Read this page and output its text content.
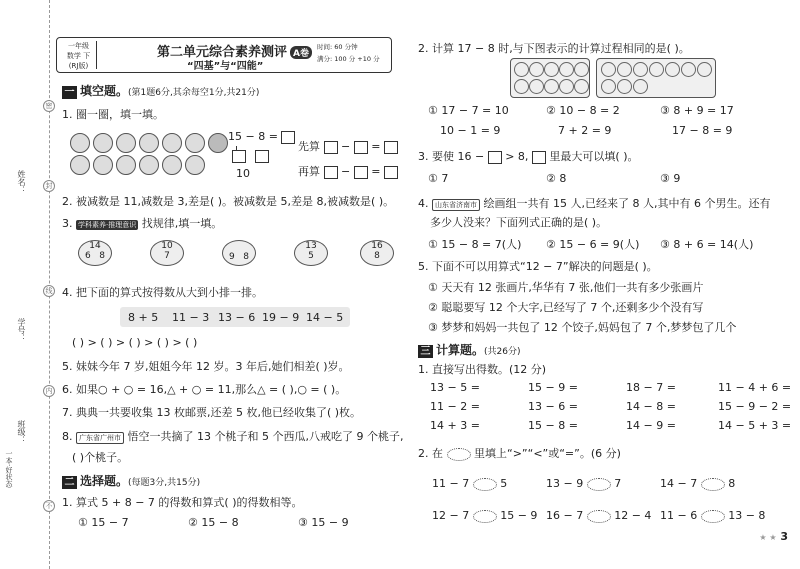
姓名：
学号：
班级：
一本·好状态
密
封
线
内
不
一年级
数学 下
(RJ版)
第二单元综合素养测评 A卷
“四基”与“四能”
时间: 60 分钟
满分: 100 分 +10 分
一 填空题。(第1题6分,其余每空1分,共21分)
1. 圈一圈，填一填。
15 − 8 =
10
先算 − =
再算 − =
2. 被减数是 11,减数是 3,差是( )。被减数是 5,差是 8,被减数是( )。
3. 学科素养·推理意识 找规律,填一填。
14
6 8
10
7	9 8
13
5
16
8
4. 把下面的算式按得数从大到小排一排。
8 + 5 11 − 3 13 − 6 19 − 9 14 − 5
( ) > ( ) > ( ) > ( ) > ( )
5. 妹妹今年 7 岁,姐姐今年 12 岁。3 年后,她们相差( )岁。
6. 如果○ + ○ = 16,△ + ○ = 11,那么△ = ( ),○ = ( )。
7. 典典一共要收集 13 枚邮票,还差 5 枚,他已经收集了( )枚。
8. 广东省广州市 悟空一共摘了 13 个桃子和 5 个西瓜,八戒吃了 9 个桃子,
( )个桃子。
二 选择题。(每题3分,共15分)
1. 算式 5 + 8 − 7 的得数和算式( )的得数相等。
① 15 − 7	② 15 − 8	③ 15 − 9
2. 计算 17 − 8 时,与下图表示的计算过程相同的是( )。
① 17 − 7 = 10	② 10 − 8 = 2	③ 8 + 9 = 17
10 − 1 = 9	7 + 2 = 9	17 − 8 = 9
3. 要使 16 − > 8, 里最大可以填( )。
① 7	② 8	③ 9
4. 山东省济南市 绘画组一共有 15 人,已经来了 8 人,其中有 6 个男生。还有
多少人没来？下面列式正确的是( )。
① 15 − 8 = 7(人) ② 15 − 6 = 9(人) ③ 8 + 6 = 14(人)
5. 下面不可以用算式“12 − 7”解决的问题是( )。
① 天天有 12 张画片,华华有 7 张,他们一共有多少张画片
② 聪聪要写 12 个大字,已经写了 7 个,还剩多少个没有写
③ 梦梦和妈妈一共包了 12 个饺子,妈妈包了 7 个,梦梦包了几个
三 计算题。(共26分)
1. 直接写出得数。(12 分)
13 − 5 =	15 − 9 =	18 − 7 =	11 − 4 + 6 =
11 − 2 =	13 − 6 =	14 − 8 =	15 − 9 − 2 =
14 + 3 =	15 − 8 =	14 − 9 =	14 − 5 + 3 =
2. 在	里填上“>”“<”或“=”。(6 分)
11 − 7	5	13 − 9	7	14 − 7	8
12 − 7	15 − 9 16 − 7	12 − 4 11 − 6	13 − 8
★ ★ 3
